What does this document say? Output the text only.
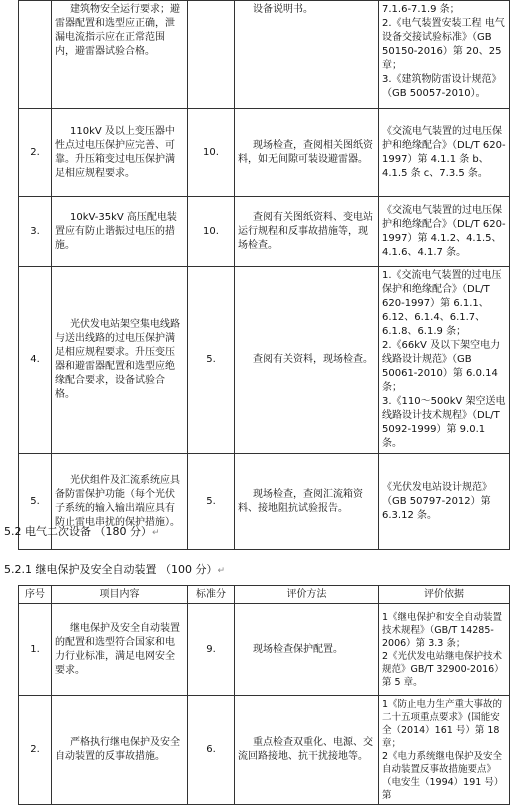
	建筑物安全运行要求；避雷器配置和选型应正确，泄漏电流指示应在正常范围内，避雷器试验合格。		设备说明书。	7.1.6-7.1.9 条；
2.《电气装置安装工程 电气设备交接试验标准》（GB 50150-2016）第 20、25 章；
3.《建筑物防雷设计规范》（GB 50057-2010）。
2.	110kV 及以上变压器中性点过电压保护应完善、可靠。升压箱变过电压保护满足相应规程要求。	10.	现场检查，查阅相关图纸资料，如无间隙可装设避雷器。	《交流电气装置的过电压保护和绝缘配合》（DL/T 620-1997）第 4.1.1 条 b、4.1.5 条 c、7.3.5 条。
3.	10kV-35kV 高压配电装置应有防止谐振过电压的措施。	10.	查阅有关图纸资料、变电站运行规程和反事故措施等，现场检查。	《交流电气装置的过电压保护和绝缘配合》（DL/T 620-1997）第 4.1.2、4.1.5、4.1.6、4.1.7 条。
4.	光伏发电站架空集电线路与送出线路的过电压保护满足相应规程要求。升压变压器和避雷器配置和选型应绝缘配合要求，设备试验合格。	5.	查阅有关资料，现场检查。	1.《交流电气装置的过电压保护和绝缘配合》（DL/T 620-1997）第 6.1.1、6.12、6.1.4、6.1.7、6.1.8、6.1.9 条；
2.《66kV 及以下架空电力线路设计规范》（GB 50061-2010）第 6.0.14 条；
3.《110～500kV 架空送电线路设计技术规程》（DL/T 5092-1999）第 9.0.1 条。
5.	光伏组件及汇流系统应具备防雷保护功能（每个光伏子系统的输入输出端应具有防止雷电串扰的保护措施）。	5.	现场检查，查阅汇流箱资料、接地阻抗试验报告。	《光伏发电站设计规范》（GB 50797-2012）第 6.3.12 条。
5.2 电气二次设备 （180 分）↵
5.2.1 继电保护及安全自动装置 （100 分）↵
序号	项目内容	标准分	评价方法	评价依据
1.	继电保护及安全自动装置的配置和选型符合国家和电力行业标准，满足电网安全要求。	9.	现场检查保护配置。	1《继电保护和安全自动装置技术规程》（GB/T 14285-2006）第 3.3 条；
2《光伏发电站继电保护技术规范》GB/T 32900-2016）第 5 章。
2.	严格执行继电保护及安全自动装置的反事故措施。	6.	重点检查双重化、电源、交流回路接地、抗干扰接地等。	1《防止电力生产重大事故的二十五项重点要求》(国能安全（2014）161 号）第 18 章；
2《电力系统继电保护及安全自动装置反事故措施要点》（电安生（1994）191 号）第
